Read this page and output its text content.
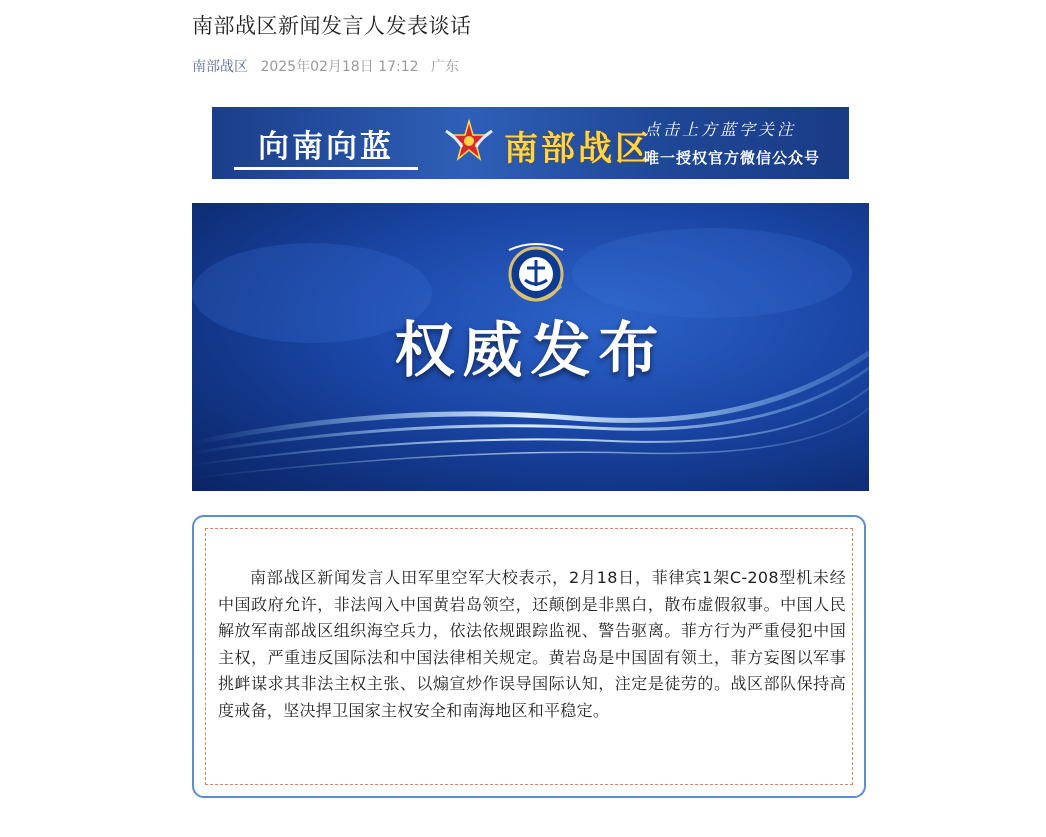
南部战区新闻发言人发表谈话
南部战区 2025年02月18日 17:12 广东
向南向蓝	南部战区
点击上方蓝字关注
唯一授权官方微信公众号
权威发布
南部战区新闻发言人田军里空军大校表示，2月18日，菲律宾1架C-208型机未经中国政府允许，非法闯入中国黄岩岛领空，还颠倒是非黑白，散布虚假叙事。中国人民解放军南部战区组织海空兵力，依法依规跟踪监视、警告驱离。菲方行为严重侵犯中国主权，严重违反国际法和中国法律相关规定。黄岩岛是中国固有领土，菲方妄图以军事挑衅谋求其非法主权主张、以煽宣炒作误导国际认知，注定是徒劳的。战区部队保持高度戒备，坚决捍卫国家主权安全和南海地区和平稳定。
